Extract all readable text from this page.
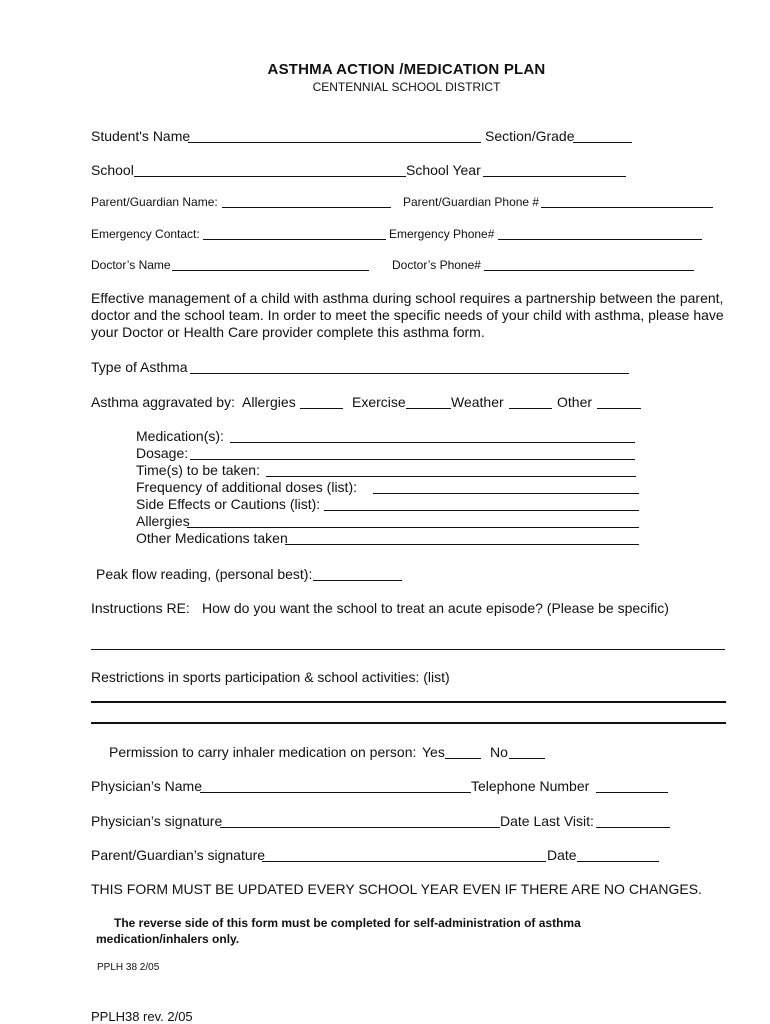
ASTHMA ACTION /MEDICATION PLAN
CENTENNIAL SCHOOL DISTRICT
Student's Name	Section/Grade
School	School Year
Parent/Guardian Name:	Parent/Guardian Phone #
Emergency Contact:	Emergency Phone#
Doctor’s Name	Doctor’s Phone#
Effective management of a child with asthma during school requires a partnership between the parent, doctor and the school team. In order to meet the specific needs of your child with asthma, please have your Doctor or Health Care provider complete this asthma form.
Type of Asthma
Asthma aggravated by: Allergies	Exercise	Weather	Other
Medication(s):
Dosage:
Time(s) to be taken:
Frequency of additional doses (list):
Side Effects or Cautions (list):
Allergies
Other Medications taken
Peak flow reading, (personal best):
Instructions RE: How do you want the school to treat an acute episode? (Please be specific)
Restrictions in sports participation & school activities: (list)
Permission to carry inhaler medication on person: Yes	No
Physician’s Name	Telephone Number
Physician’s signature	Date Last Visit:
Parent/Guardian’s signature	Date
THIS FORM MUST BE UPDATED EVERY SCHOOL YEAR EVEN IF THERE ARE NO CHANGES.
The reverse side of this form must be completed for self-administration of asthma medication/inhalers only.
PPLH 38 2/05
PPLH38 rev. 2/05
